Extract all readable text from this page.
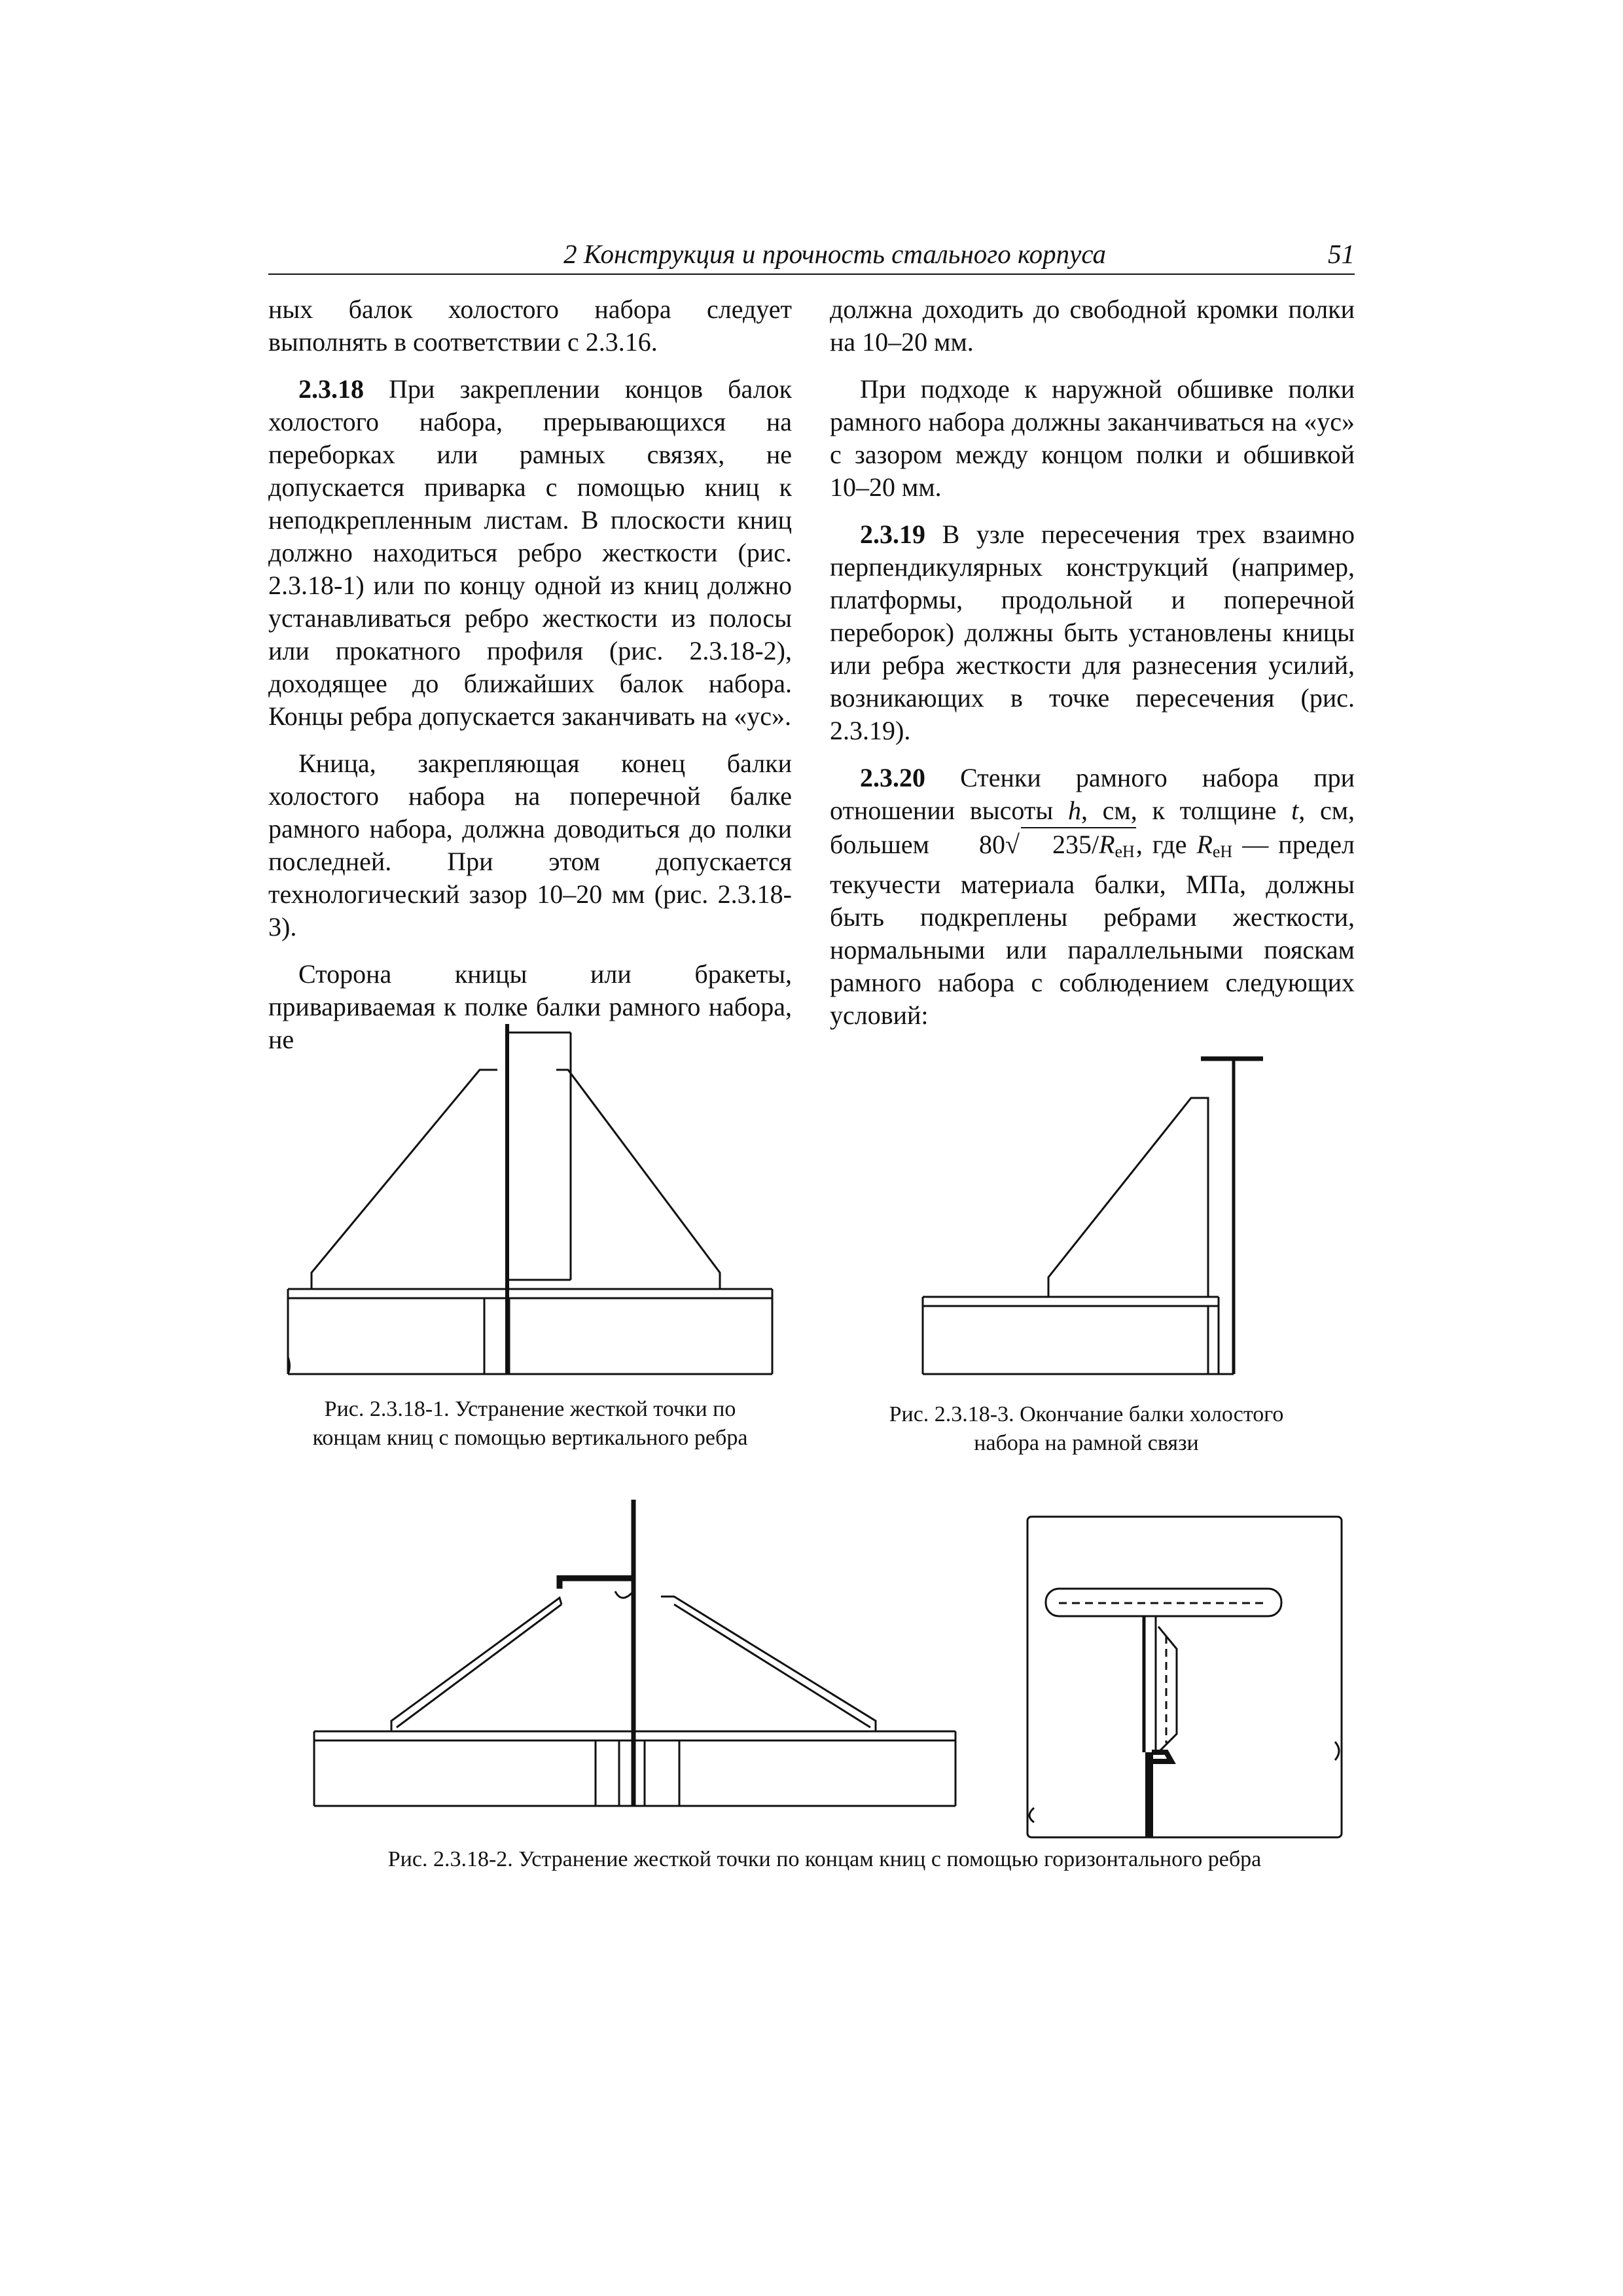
2 Конструкция и прочность стального корпуса	51

ных балок холостого набора следует выполнять в соответствии с 2.3.16.

2.3.18 При закреплении концов балок холостого набора, прерывающихся на переборках или рамных связях, не допускается приварка с помощью книц к неподкрепленным листам. В плоскости книц должно находиться ребро жесткости (рис. 2.3.18-1) или по концу одной из книц должно устанавливаться ребро жесткости из полосы или прокатного профиля (рис. 2.3.18-2), доходящее до ближайших балок набора. Концы ребра допускается заканчивать на «ус».

Кница, закрепляющая конец балки холостого набора на поперечной балке рамного набора, должна доводиться до полки последней. При этом допускается технологический зазор 10–20 мм (рис. 2.3.18-3).

Сторона кницы или бракеты, привариваемая к полке балки рамного набора, не

должна доходить до свободной кромки полки на 10–20 мм.

При подходе к наружной обшивке полки рамного набора должны заканчиваться на «ус» с зазором между концом полки и обшивкой 10–20 мм.

2.3.19 В узле пересечения трех взаимно перпендикулярных конструкций (например, платформы, продольной и поперечной переборок) должны быть установлены кницы или ребра жесткости для разнесения усилий, возникающих в точке пересечения (рис. 2.3.19).

2.3.20 Стенки рамного набора при отношении высоты h, см, к толщине t, см, большем 80√ $235/R_{eH}$, где $R_{eH}$ — предел текучести материала балки, МПа, должны быть подкреплены ребрами жесткости, нормальными или параллельными пояскам рамного набора с соблюдением следующих условий:

Рис. 2.3.18-1. Устранение жесткой точки по
концам книц с помощью вертикального ребра
Рис. 2.3.18-3. Окончание балки холостого
набора на рамной связи
Рис. 2.3.18-2. Устранение жесткой точки по концам книц с помощью горизонтального ребра
